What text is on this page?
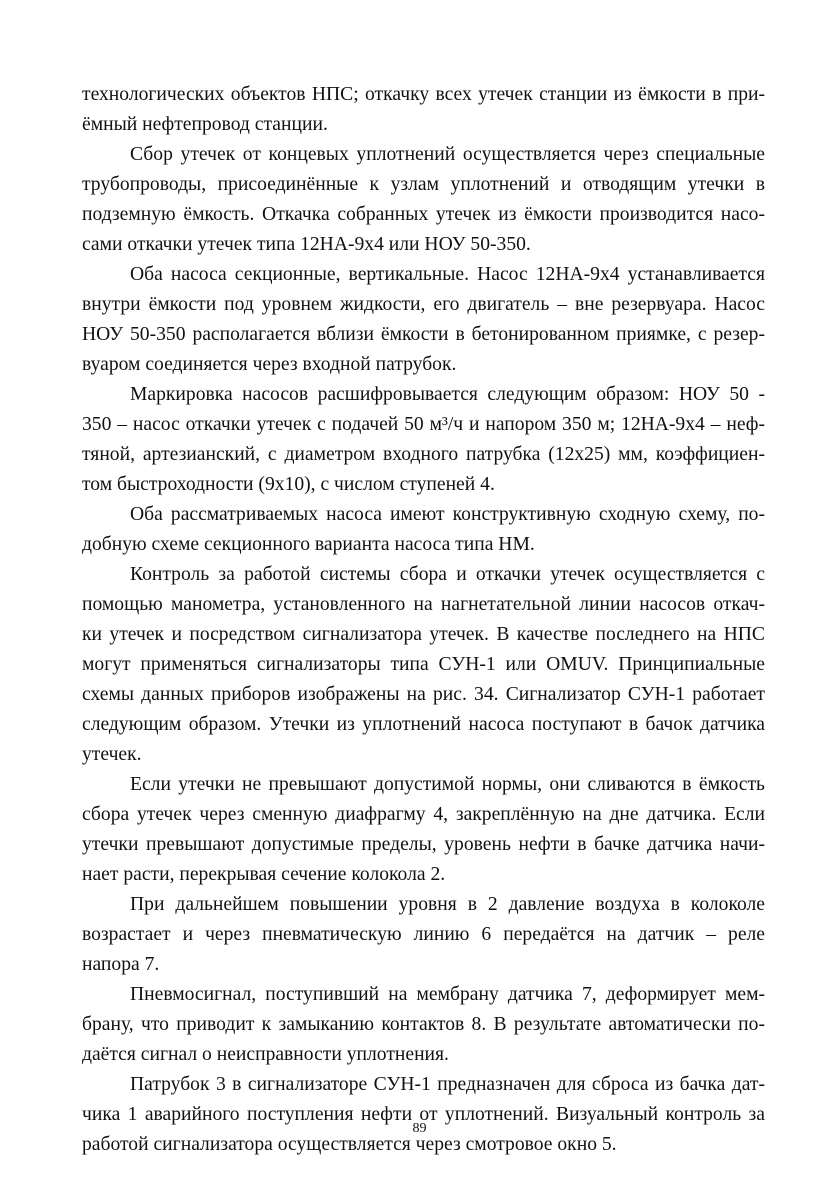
технологических объектов НПС; откачку всех утечек станции из ёмкости в при-
ёмный нефтепровод станции.
Сбор утечек от концевых уплотнений осуществляется через специальные
трубопроводы, присоединённые к узлам уплотнений и отводящим утечки в
подземную ёмкость. Откачка собранных утечек из ёмкости производится насо-
сами откачки утечек типа 12НА-9х4 или НОУ 50-350.
Оба насоса секционные, вертикальные. Насос 12НА-9х4 устанавливается
внутри ёмкости под уровнем жидкости, его двигатель – вне резервуара. Насос
НОУ 50-350 располагается вблизи ёмкости в бетонированном приямке, с резер-
вуаром соединяется через входной патрубок.
Маркировка насосов расшифровывается следующим образом: НОУ 50 -
350 – насос откачки утечек с подачей 50 м³/ч и напором 350 м; 12НА-9х4 – неф-
тяной, артезианский, с диаметром входного патрубка (12х25) мм, коэффициен-
том быстроходности (9х10), с числом ступеней 4.
Оба рассматриваемых насоса имеют конструктивную сходную схему, по-
добную схеме секционного варианта насоса типа НМ.
Контроль за работой системы сбора и откачки утечек осуществляется с
помощью манометра, установленного на нагнетательной линии насосов откач-
ки утечек и посредством сигнализатора утечек. В качестве последнего на НПС
могут применяться сигнализаторы типа СУН-1 или OMUV. Принципиальные
схемы данных приборов изображены на рис. 34. Сигнализатор СУН-1 работает
следующим образом. Утечки из уплотнений насоса поступают в бачок датчика
утечек.
Если утечки не превышают допустимой нормы, они сливаются в ёмкость
сбора утечек через сменную диафрагму 4, закреплённую на дне датчика. Если
утечки превышают допустимые пределы, уровень нефти в бачке датчика начи-
нает расти, перекрывая сечение колокола 2.
При дальнейшем повышении уровня в 2 давление воздуха в колоколе
возрастает и через пневматическую линию 6 передаётся на датчик – реле
напора 7.
Пневмосигнал, поступивший на мембрану датчика 7, деформирует мем-
брану, что приводит к замыканию контактов 8. В результате автоматически по-
даётся сигнал о неисправности уплотнения.
Патрубок 3 в сигнализаторе СУН-1 предназначен для сброса из бачка дат-
чика 1 аварийного поступления нефти от уплотнений. Визуальный контроль за
работой сигнализатора осуществляется через смотровое окно 5.
89
